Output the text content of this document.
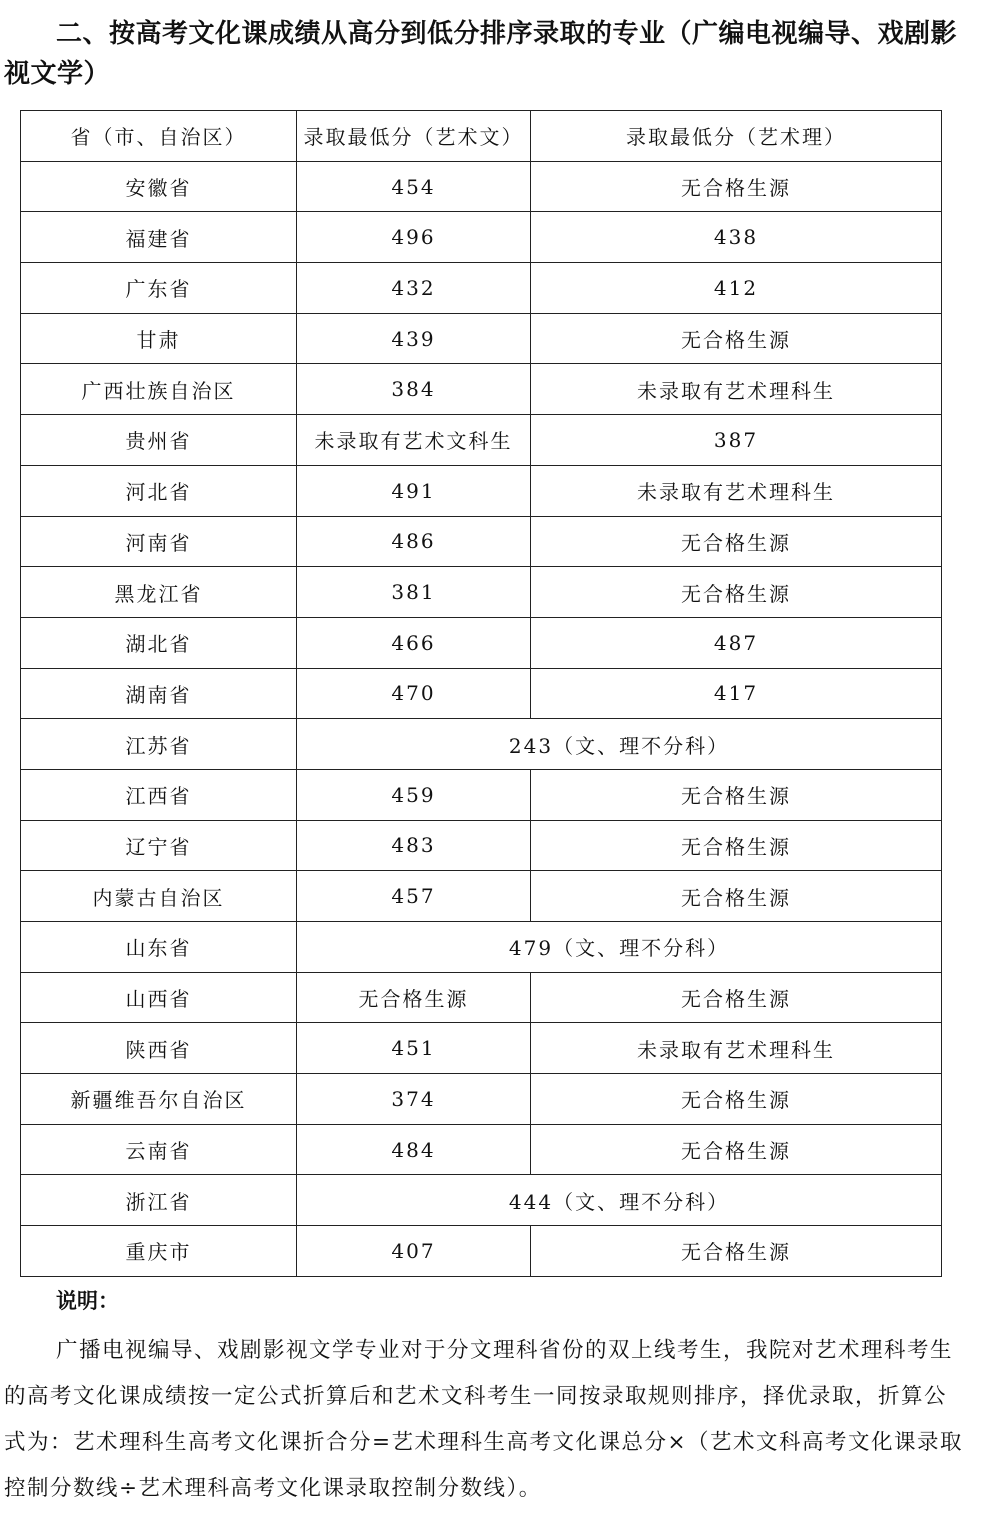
二、按高考文化课成绩从高分到低分排序录取的专业（广编电视编导、戏剧影视文学）
省（市、自治区）	录取最低分（艺术文）	录取最低分（艺术理）
安徽省	454	无合格生源
福建省	496	438
广东省	432	412
甘肃	439	无合格生源
广西壮族自治区	384	未录取有艺术理科生
贵州省	未录取有艺术文科生	387
河北省	491	未录取有艺术理科生
河南省	486	无合格生源
黑龙江省	381	无合格生源
湖北省	466	487
湖南省	470	417
江苏省	243（文、理不分科）	
江西省	459	无合格生源
辽宁省	483	无合格生源
内蒙古自治区	457	无合格生源
山东省	479（文、理不分科）	
山西省	无合格生源	无合格生源
陕西省	451	未录取有艺术理科生
新疆维吾尔自治区	374	无合格生源
云南省	484	无合格生源
浙江省	444（文、理不分科）	
重庆市	407	无合格生源

说明：

广播电视编导、戏剧影视文学专业对于分文理科省份的双上线考生，我院对艺术理科考生的高考文化课成绩按一定公式折算后和艺术文科考生一同按录取规则排序，择优录取，折算公式为：艺术理科生高考文化课折合分=艺术理科生高考文化课总分×（艺术文科高考文化课录取控制分数线÷艺术理科高考文化课录取控制分数线）。
